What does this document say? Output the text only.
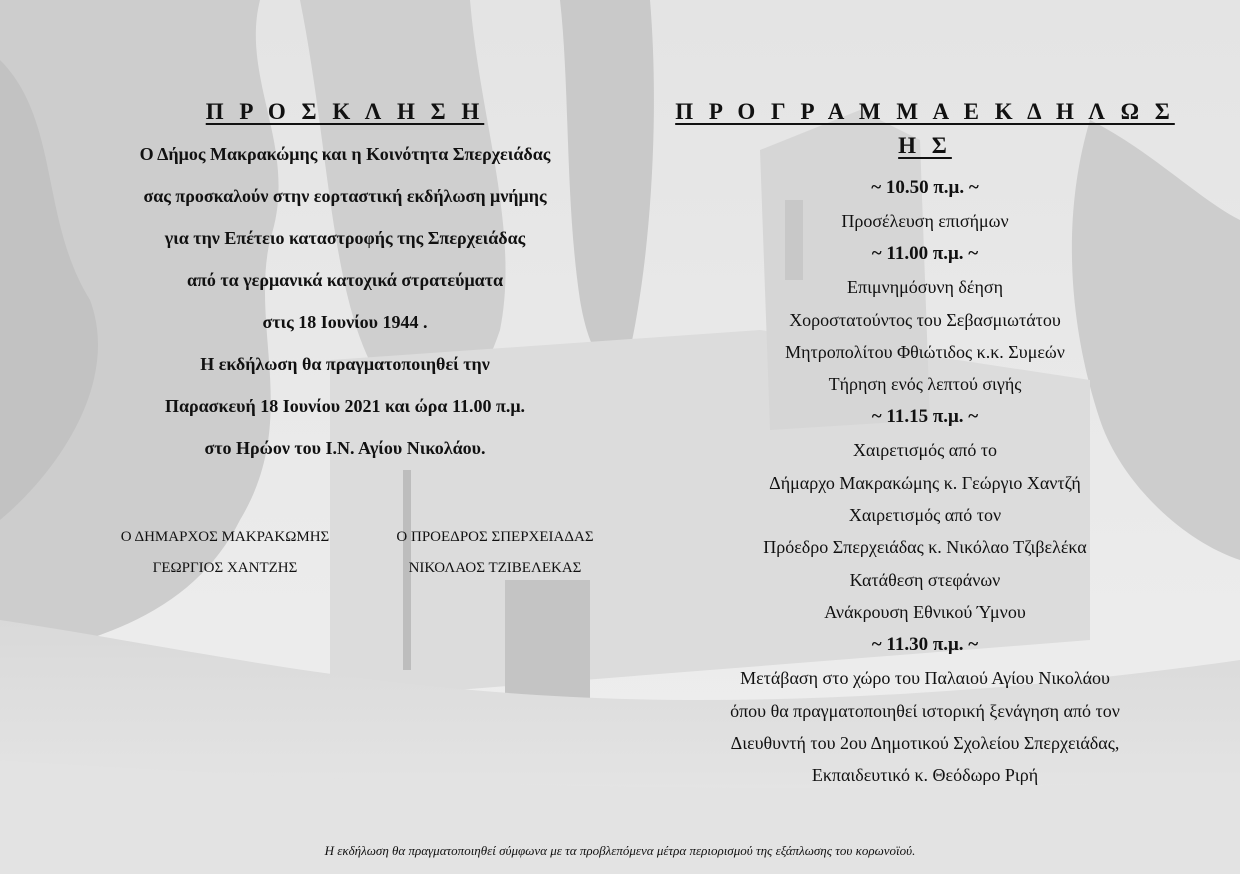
Π Ρ Ο Σ Κ Λ Η Σ Η

Ο Δήμος Μακρακώμης και η Κοινότητα Σπερχειάδας

σας προσκαλούν στην εορταστική εκδήλωση μνήμης

για την Επέτειο καταστροφής της Σπερχειάδας

από τα γερμανικά κατοχικά στρατεύματα

στις 18 Ιουνίου 1944 .

Η εκδήλωση θα πραγματοποιηθεί την

Παρασκευή 18 Ιουνίου 2021 και ώρα 11.00 π.μ.

στο Ηρώον του Ι.Ν. Αγίου Νικολάου.

Ο ΔΗΜΑΡΧΟΣ ΜΑΚΡΑΚΩΜΗΣ
ΓΕΩΡΓΙΟΣ ΧΑΝΤΖΗΣ
Ο ΠΡΟΕΔΡΟΣ ΣΠΕΡΧΕΙΑΔΑΣ
ΝΙΚΟΛΑΟΣ ΤΖΙΒΕΛΕΚΑΣ

Π Ρ Ο Γ Ρ Α Μ Μ Α Ε Κ Δ Η Λ Ω Σ Η Σ

~ 10.50 π.μ. ~

Προσέλευση επισήμων

~ 11.00 π.μ. ~

Επιμνημόσυνη δέηση

Χοροστατούντος του Σεβασμιωτάτου

Μητροπολίτου Φθιώτιδος κ.κ. Συμεών

Τήρηση ενός λεπτού σιγής

~ 11.15 π.μ. ~

Χαιρετισμός από το

Δήμαρχο Μακρακώμης κ. Γεώργιο Χαντζή

Χαιρετισμός από τον

Πρόεδρο Σπερχειάδας κ. Νικόλαο Τζιβελέκα

Κατάθεση στεφάνων

Ανάκρουση Εθνικού Ύμνου

~ 11.30 π.μ. ~

Μετάβαση στο χώρο του Παλαιού Αγίου Νικολάου

όπου θα πραγματοποιηθεί ιστορική ξενάγηση από τον

Διευθυντή του 2ου Δημοτικού Σχολείου Σπερχειάδας,

Εκπαιδευτικό κ. Θεόδωρο Ριρή

Η εκδήλωση θα πραγματοποιηθεί σύμφωνα με τα προβλεπόμενα μέτρα περιορισμού της εξάπλωσης του κορωνοϊού.
